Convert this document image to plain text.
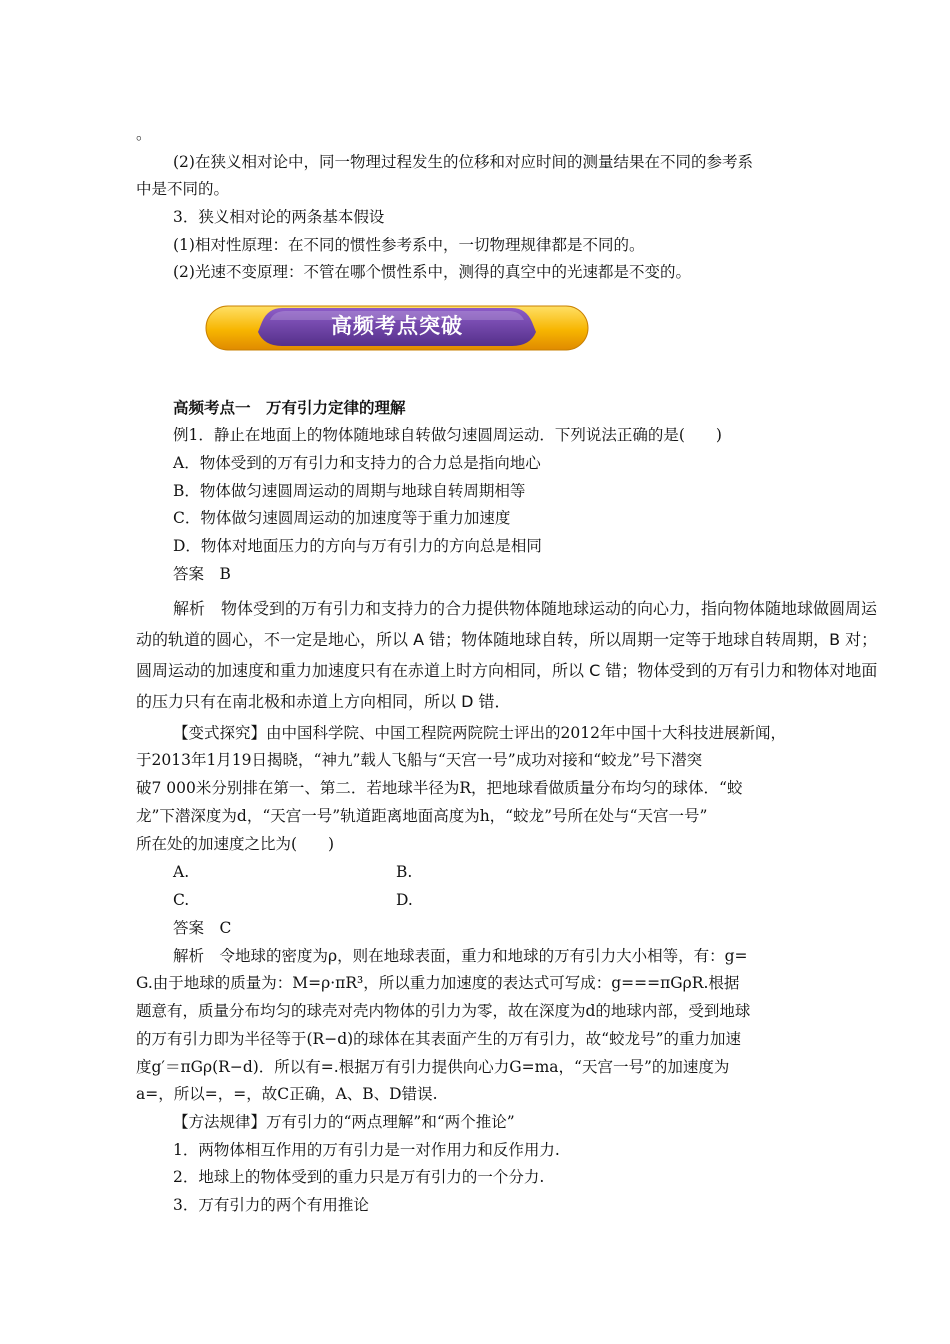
。
(2)在狭义相对论中，同一物理过程发生的位移和对应时间的测量结果在不同的参考系
中是不同的。
3．狭义相对论的两条基本假设
(1)相对性原理：在不同的惯性参考系中，一切物理规律都是不同的。
(2)光速不变原理：不管在哪个惯性系中，测得的真空中的光速都是不变的。
高频考点突破
高频考点一　万有引力定律的理解
例1．静止在地面上的物体随地球自转做匀速圆周运动．下列说法正确的是(　　)
A．物体受到的万有引力和支持力的合力总是指向地心
B．物体做匀速圆周运动的周期与地球自转周期相等
C．物体做匀速圆周运动的加速度等于重力加速度
D．物体对地面压力的方向与万有引力的方向总是相同
答案　B
解析　物体受到的万有引力和支持力的合力提供物体随地球运动的向心力，指向物体随地球做圆周运
动的轨道的圆心，不一定是地心，所以 A 错；物体随地球自转，所以周期一定等于地球自转周期，B 对；
圆周运动的加速度和重力加速度只有在赤道上时方向相同，所以 C 错；物体受到的万有引力和物体对地面
的压力只有在南北极和赤道上方向相同，所以 D 错．
【变式探究】由中国科学院、中国工程院两院院士评出的2012年中国十大科技进展新闻，
于2013年1月19日揭晓，“神九”载人飞船与“天宫一号”成功对接和“蛟龙”号下潜突
破7 000米分别排在第一、第二．若地球半径为R，把地球看做质量分布均匀的球体．“蛟
龙”下潜深度为d，“天宫一号”轨道距离地面高度为h，“蛟龙”号所在处与“天宫一号”
所在处的加速度之比为(　　)
A.	B.
C.	D.
答案　C
解析　令地球的密度为ρ，则在地球表面，重力和地球的万有引力大小相等，有：g=
G.由于地球的质量为：M=ρ·πR³，所以重力加速度的表达式可写成：g===πGρR.根据
题意有，质量分布均匀的球壳对壳内物体的引力为零，故在深度为d的地球内部，受到地球
的万有引力即为半径等于(R−d)的球体在其表面产生的万有引力，故“蛟龙号”的重力加速
度g′＝πGρ(R−d)．所以有=.根据万有引力提供向心力G=ma，“天宫一号”的加速度为
a=，所以=，=，故C正确，A、B、D错误.
【方法规律】万有引力的“两点理解”和“两个推论”
1．两物体相互作用的万有引力是一对作用力和反作用力.
2．地球上的物体受到的重力只是万有引力的一个分力.
3．万有引力的两个有用推论
